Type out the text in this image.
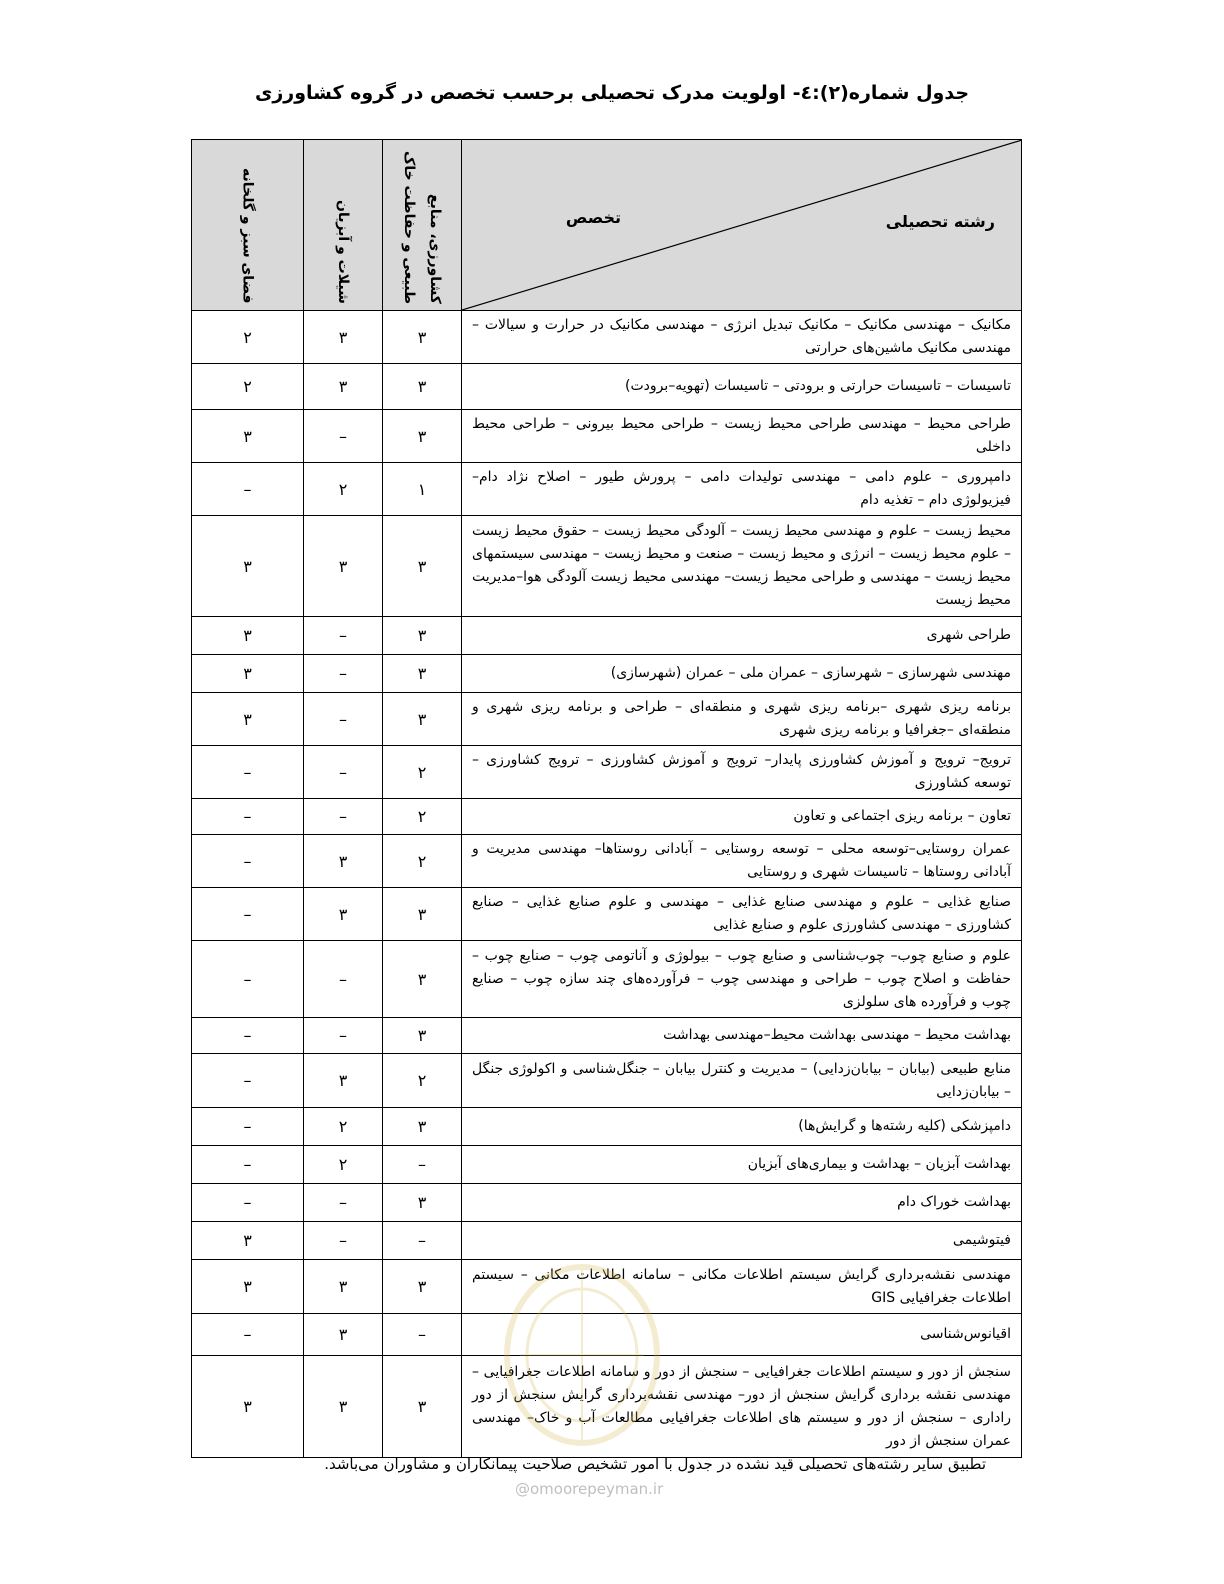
جدول شماره(۲):٤- اولویت مدرک تحصیلی برحسب تخصص در گروه کشاورزی
رشته تحصیلی
تخصص	کشاورزی، منابع طبیعی و حفاظت خاک	شیلات و آبزیان	فضای سبز و گلخانه

مکانیک – مهندسی مکانیک – مکانیک تبدیل انرژی – مهندسی مکانیک در حرارت و سیالات – مهندسی مکانیک ماشین‌های حرارتی	۳	۳	۲
تاسیسات – تاسیسات حرارتی و برودتی – تاسیسات (تهویه–برودت)	۳	۳	۲
طراحی محیط – مهندسی طراحی محیط زیست – طراحی محیط بیرونی – طراحی محیط داخلی	۳	–	۳
دامپروری – علوم دامی – مهندسی تولیدات دامی – پرورش طیور – اصلاح نژاد دام– فیزیولوژی دام – تغذیه دام	۱	۲	–
محیط زیست – علوم و مهندسی محیط زیست – آلودگی محیط زیست – حقوق محیط زیست – علوم محیط زیست – انرژی و محیط زیست – صنعت و محیط زیست – مهندسی سیستمهای محیط زیست – مهندسی و طراحی محیط زیست– مهندسی محیط زیست آلودگی هوا–مدیریت محیط زیست	۳	۳	۳
طراحی شهری	۳	–	۳
مهندسی شهرسازی – شهرسازی – عمران ملی – عمران (شهرسازی)	۳	–	۳
برنامه ریزی شهری –برنامه ریزی شهری و منطقه‌ای – طراحی و برنامه ریزی شهری و منطقه‌ای –جغرافیا و برنامه ریزی شهری	۳	–	۳
ترویج– ترویج و آموزش کشاورزی پایدار– ترویج و آموزش کشاورزی – ترویج کشاورزی – توسعه کشاورزی	۲	–	–
تعاون – برنامه ریزی اجتماعی و تعاون	۲	–	–
عمران روستایی–توسعه محلی – توسعه روستایی – آبادانی روستاها– مهندسی مدیریت و آبادانی روستاها – تاسیسات شهری و روستایی	۲	۳	–
صنایع غذایی – علوم و مهندسی صنایع غذایی – مهندسی و علوم صنایع غذایی – صنایع کشاورزی – مهندسی کشاورزی علوم و صنایع غذایی	۳	۳	–
علوم و صنایع چوب– چوب‌شناسی و صنایع چوب – بیولوژی و آناتومی چوب – صنایع چوب – حفاظت و اصلاح چوب – طراحی و مهندسی چوب – فرآورده‌های چند سازه چوب – صنایع چوب و فرآورده های سلولزی	۳	–	–
بهداشت محیط – مهندسی بهداشت محیط–مهندسی بهداشت	۳	–	–
منابع طبیعی (بیابان – بیابان‌زدایی) – مدیریت و کنترل بیابان – جنگل‌شناسی و اکولوژی جنگل – بیابان‌زدایی	۲	۳	–
دامپزشکی (کلیه رشته‌ها و گرایش‌ها)	۳	۲	–
بهداشت آبزیان – بهداشت و بیماری‌های آبزیان	–	۲	–
بهداشت خوراک دام	۳	–	–
فیتوشیمی	–	–	۳
مهندسی نقشه‌برداری گرایش سیستم اطلاعات مکانی – سامانه اطلاعات مکانی – سیستم اطلاعات جغرافیایی GIS	۳	۳	۳
اقیانوس‌شناسی	–	۳	–
سنجش از دور و سیستم اطلاعات جغرافیایی – سنجش از دور و سامانه اطلاعات جغرافیایی – مهندسی نقشه برداری گرایش سنجش از دور– مهندسی نقشه‌برداری گرایش سنجش از دور راداری – سنجش از دور و سیستم های اطلاعات جغرافیایی مطالعات آب و خاک– مهندسی عمران سنجش از دور	۳	۳	۳
تطبیق سایر رشته‌های تحصیلی قید نشده در جدول با امور تشخیص صلاحیت پیمانکاران و مشاوران می‌باشد.
@omoorepeyman.ir
